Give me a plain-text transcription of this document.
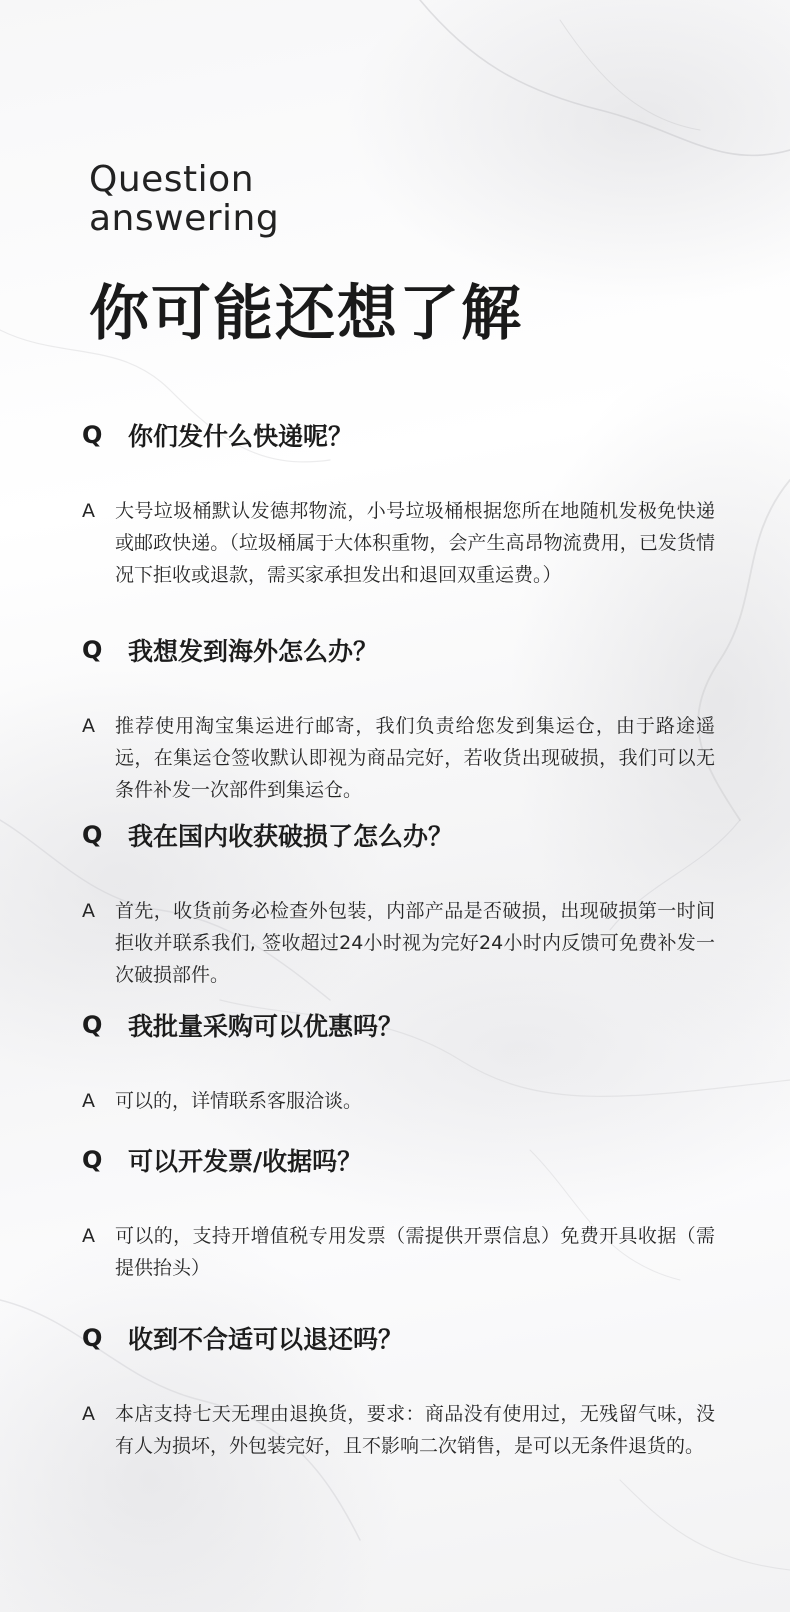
Question
answering
你可能还想了解
Q	你们发什么快递呢？
A	大号垃圾桶默认发德邦物流，小号垃圾桶根据您所在地随机发极免快递或邮政快递。（垃圾桶属于大体积重物，会产生高昂物流费用，已发货情况下拒收或退款，需买家承担发出和退回双重运费。）
Q	我想发到海外怎么办？
A	推荐使用淘宝集运进行邮寄，我们负责给您发到集运仓，由于路途遥远，在集运仓签收默认即视为商品完好，若收货出现破损，我们可以无条件补发一次部件到集运仓。
Q	我在国内收获破损了怎么办？
A	首先，收货前务必检查外包装，内部产品是否破损，出现破损第一时间拒收并联系我们, 签收超过24小时视为完好24小时内反馈可免费补发一次破损部件。
Q	我批量采购可以优惠吗？
A	可以的，详情联系客服洽谈。
Q	可以开发票/收据吗？
A	可以的，支持开增值税专用发票（需提供开票信息）免费开具收据（需提供抬头）
Q	收到不合适可以退还吗？
A	本店支持七天无理由退换货，要求：商品没有使用过，无残留气味，没有人为损坏，外包装完好，且不影响二次销售，是可以无条件退货的。
